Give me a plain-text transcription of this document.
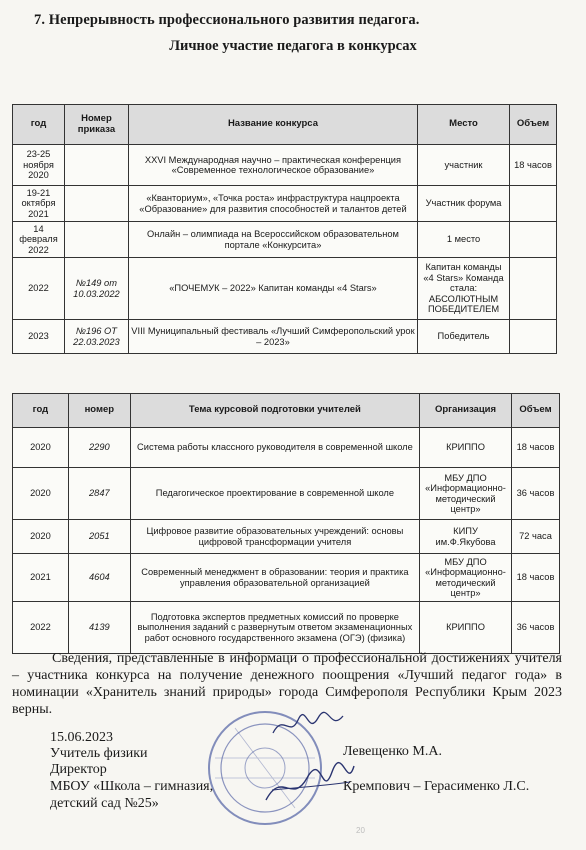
7. Непрерывность профессионального развития педагога.
Личное участие педагога в конкурсах
год	Номер приказа	Название конкурса	Место	Объем
23-25 ноября 2020		XXVI Международная научно – практическая конференция «Современное технологическое образование»	участник	18 часов
19-21 октября 2021		«Кванториум», «Точка роста» инфраструктура нацпроекта «Образование» для развития способностей и талантов детей	Участник форума	
14 февраля 2022		Онлайн – олимпиада на Всероссийском образовательном портале «Конкурсита»	1 место	
2022	№149 от 10.03.2022	«ПОЧЕМУК – 2022» Капитан команды «4 Stars»	Капитан команды «4 Stars» Команда стала: АБСОЛЮТНЫМ ПОБЕДИТЕЛЕМ	
2023	№196 ОТ 22.03.2023	VIII Муниципальный фестиваль «Лучший Симферопольский урок – 2023»	Победитель	
год	номер	Тема курсовой подготовки учителей	Организация	Объем
2020	2290	Система работы классного руководителя в современной школе	КРИППО	18 часов
2020	2847	Педагогическое проектирование в современной школе	МБУ ДПО «Информационно-методический центр»	36 часов
2020	2051	Цифровое развитие образовательных учреждений: основы цифровой трансформации учителя	КИПУ им.Ф.Якубова	72 часа
2021	4604	Современный менеджмент в образовании: теория и практика управления образовательной организацией	МБУ ДПО «Информационно-методический центр»	18 часов
2022	4139	Подготовка экспертов предметных комиссий по проверке выполнения заданий с развернутым ответом экзаменационных работ основного государственного экзамена (ОГЭ) (физика)	КРИППО	36 часов
Сведения, представленные в информаци о профессиональной достижениях учителя – участника конкурса на получение денежного поощрения «Лучший педагог года» в номинации «Хранитель знаний природы» города Симферополя Республики Крым 2023 верны.
15.06.2023
Учитель физики	Левещенко М.А.
Директор
МБОУ «Школа – гимназия,	Кремпович – Герасименко Л.С.
детский сад №25»
20
